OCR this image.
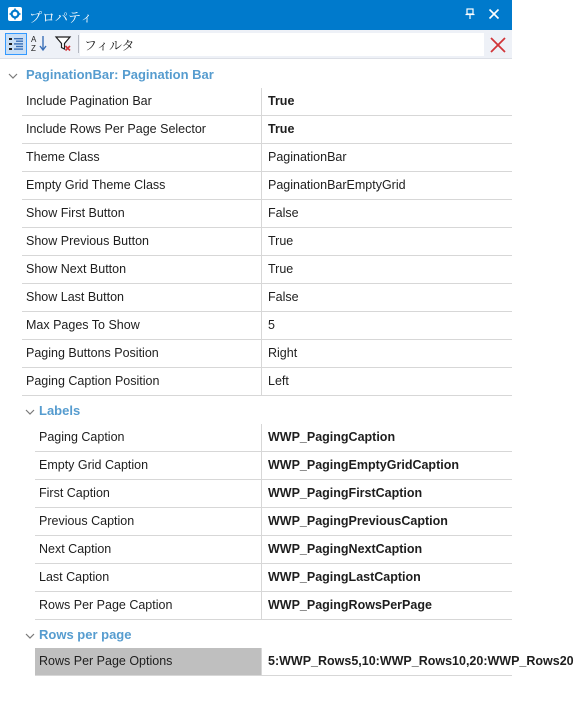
プロパティ
A
Z
フィルタ
PaginationBar: Pagination Bar
Include Pagination Bar	True
Include Rows Per Page Selector	True
Theme Class	PaginationBar
Empty Grid Theme Class	PaginationBarEmptyGrid
Show First Button	False
Show Previous Button	True
Show Next Button	True
Show Last Button	False
Max Pages To Show	5
Paging Buttons Position	Right
Paging Caption Position	Left
Labels
Paging Caption	WWP_PagingCaption
Empty Grid Caption	WWP_PagingEmptyGridCaption
First Caption	WWP_PagingFirstCaption
Previous Caption	WWP_PagingPreviousCaption
Next Caption	WWP_PagingNextCaption
Last Caption	WWP_PagingLastCaption
Rows Per Page Caption	WWP_PagingRowsPerPage
Rows per page
Rows Per Page Options	5:WWP_Rows5,10:WWP_Rows10,20:WWP_Rows20
